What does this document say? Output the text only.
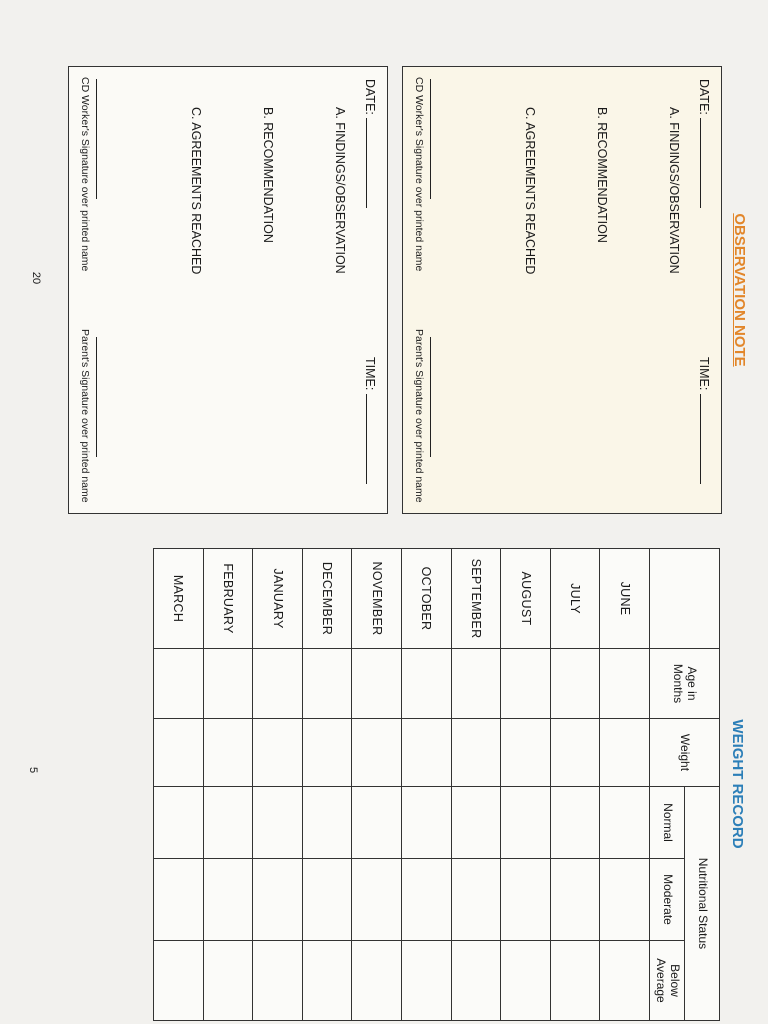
OBSERVATION NOTE
DATE:
TIME:
A. FINDINGS/OBSERVATION
B. RECOMMENDATION
C. AGREEMENTS REACHED
CD Worker's Signature over printed name
Parent's Signature over printed name
DATE:
TIME:
A. FINDINGS/OBSERVATION
B. RECOMMENDATION
C. AGREEMENTS REACHED
CD Worker's Signature over printed name
Parent's Signature over printed name
WEIGHT RECORD
	Age in Months	Weight	Nutritional Status		
			Normal	Moderate	Below Average
JUNE					
JULY					
AUGUST					
SEPTEMBER					
OCTOBER					
NOVEMBER					
DECEMBER					
JANUARY					
FEBRUARY					
MARCH					
20
5
